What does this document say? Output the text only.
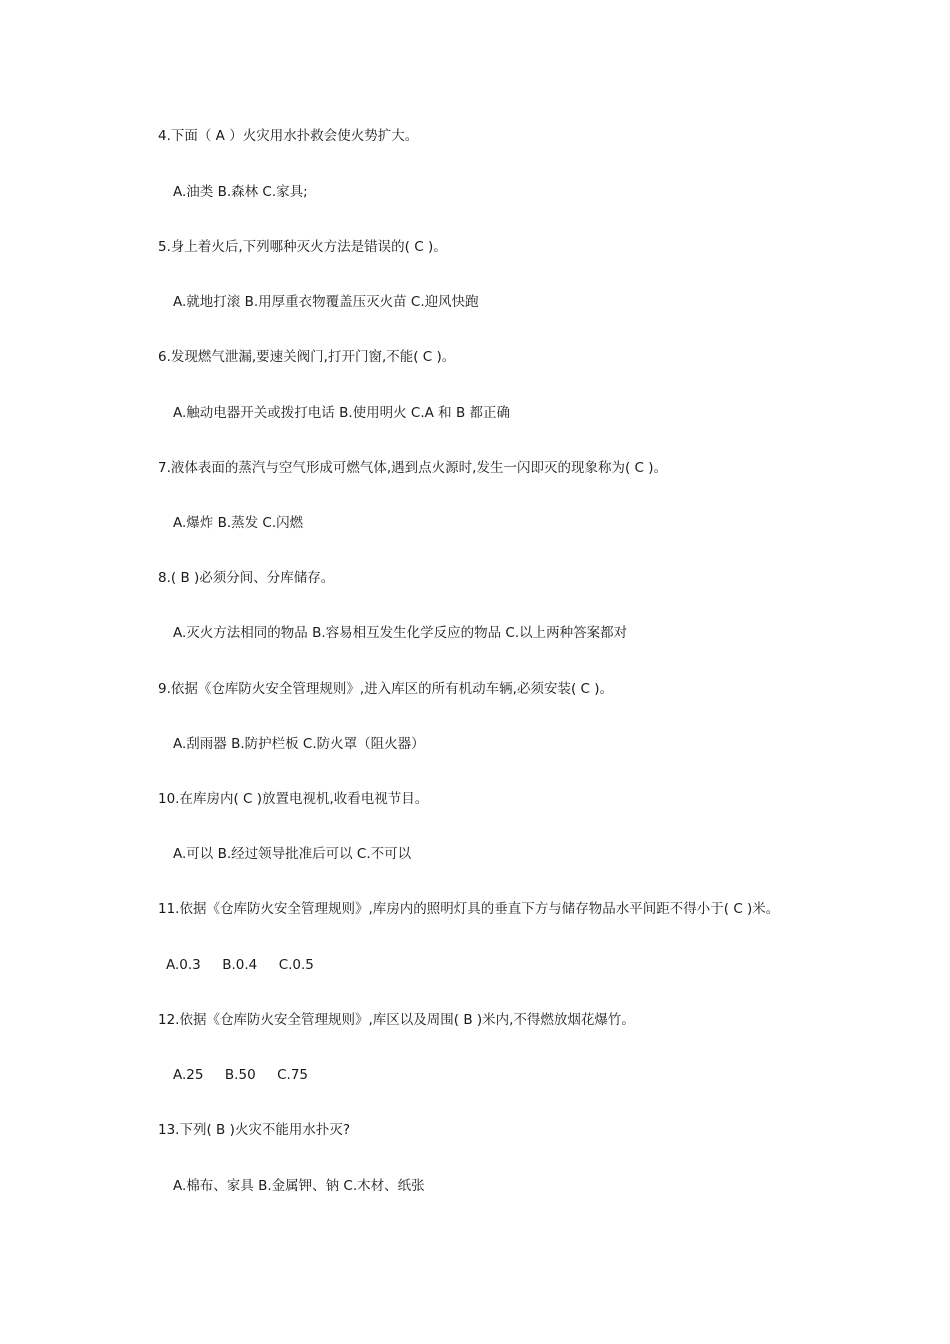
4.下面（ A ）火灾用水扑救会使火势扩大。
A.油类 B.森林 C.家具;
5.身上着火后,下列哪种灭火方法是错误的( C )。
A.就地打滚 B.用厚重衣物覆盖压灭火苗 C.迎风快跑
6.发现燃气泄漏,要速关阀门,打开门窗,不能( C )。
A.触动电器开关或拨打电话 B.使用明火 C.A 和 B 都正确
7.液体表面的蒸汽与空气形成可燃气体,遇到点火源时,发生一闪即灭的现象称为( C )。
A.爆炸 B.蒸发 C.闪燃
8.( B )必须分间、分库储存。
A.灭火方法相同的物品 B.容易相互发生化学反应的物品 C.以上两种答案都对
9.依据《仓库防火安全管理规则》,进入库区的所有机动车辆,必须安装( C )。
A.刮雨器 B.防护栏板 C.防火罩（阻火器）
10.在库房内( C )放置电视机,收看电视节目。
A.可以 B.经过领导批准后可以 C.不可以
11.依据《仓库防火安全管理规则》,库房内的照明灯具的垂直下方与储存物品水平间距不得小于( C )米。
A.0.3     B.0.4     C.0.5
12.依据《仓库防火安全管理规则》,库区以及周围( B )米内,不得燃放烟花爆竹。
A.25     B.50     C.75
13.下列( B )火灾不能用水扑灭?
A.棉布、家具 B.金属钾、钠 C.木材、纸张
